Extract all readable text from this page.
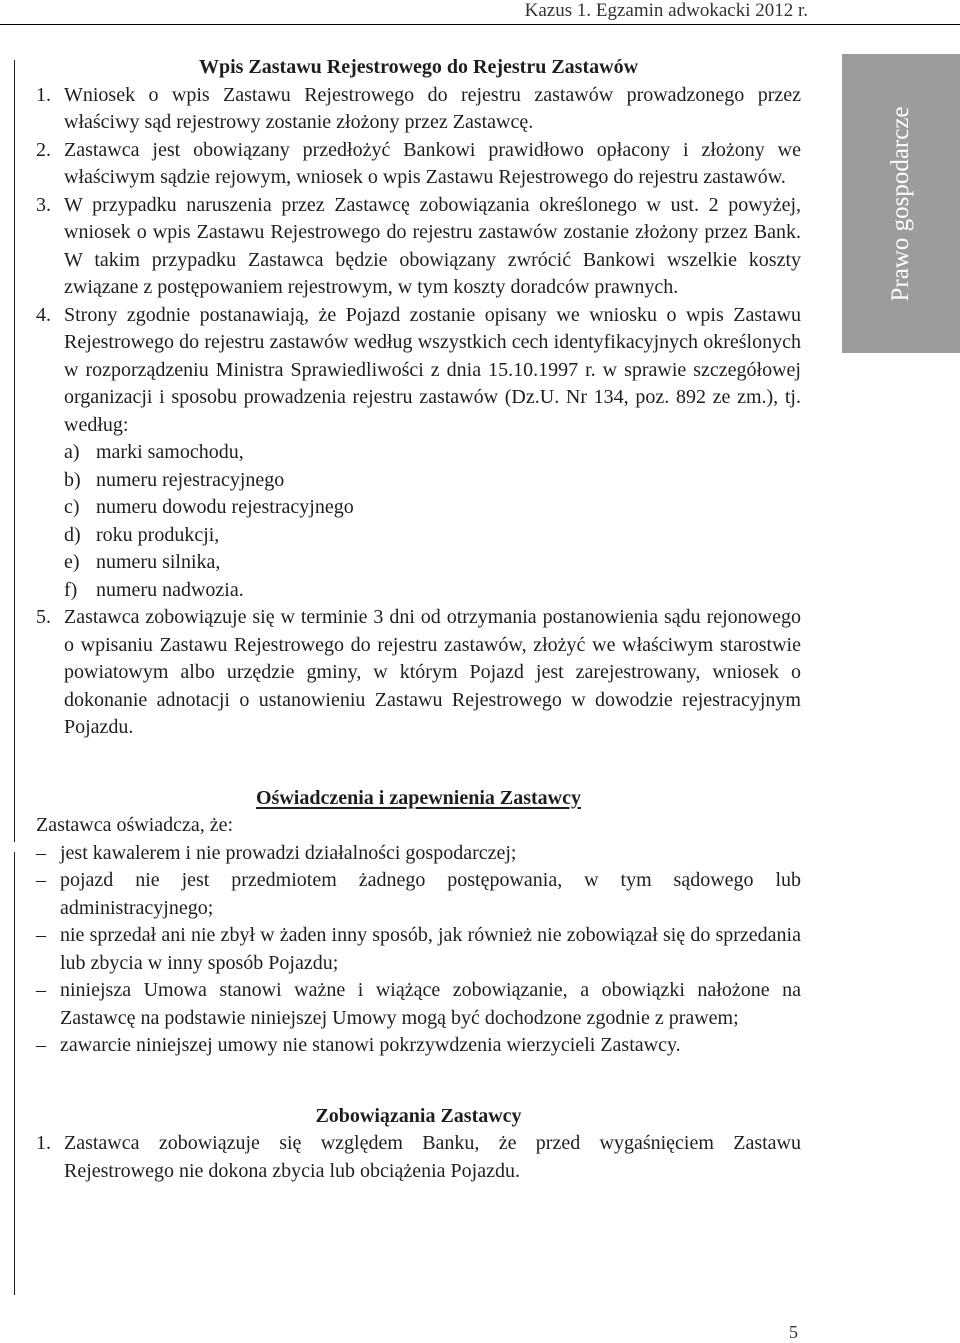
Kazus 1. Egzamin adwokacki 2012 r.
Prawo gospodarcze
Wpis Zastawu Rejestrowego do Rejestru Zastawów
1. Wniosek o wpis Zastawu Rejestrowego do rejestru zastawów prowadzonego przez właściwy sąd rejestrowy zostanie złożony przez Zastawcę.
2. Zastawca jest obowiązany przedłożyć Bankowi prawidłowo opłacony i złożony we właściwym sądzie rejowym, wniosek o wpis Zastawu Rejestrowego do rejestru zastawów.
3. W przypadku naruszenia przez Zastawcę zobowiązania określonego w ust. 2 powyżej, wniosek o wpis Zastawu Rejestrowego do rejestru zastawów zostanie złożony przez Bank. W takim przypadku Zastawca będzie obowiązany zwrócić Bankowi wszelkie koszty związane z postępowaniem rejestrowym, w tym koszty doradców prawnych.
4. Strony zgodnie postanawiają, że Pojazd zostanie opisany we wniosku o wpis Zastawu Rejestrowego do rejestru zastawów według wszystkich cech identyfikacyjnych określonych w rozporządzeniu Ministra Sprawiedliwości z dnia 15.10.1997 r. w sprawie szczegółowej organizacji i sposobu prowadzenia rejestru zastawów (Dz.U. Nr 134, poz. 892 ze zm.), tj. według:
a) marki samochodu,
b) numeru rejestracyjnego
c) numeru dowodu rejestracyjnego
d) roku produkcji,
e) numeru silnika,
f) numeru nadwozia.
5. Zastawca zobowiązuje się w terminie 3 dni od otrzymania postanowienia sądu rejonowego o wpisaniu Zastawu Rejestrowego do rejestru zastawów, złożyć we właściwym starostwie powiatowym albo urzędzie gminy, w którym Pojazd jest zarejestrowany, wniosek o dokonanie adnotacji o ustanowieniu Zastawu Rejestrowego w dowodzie rejestracyjnym Pojazdu.
Oświadczenia i zapewnienia Zastawcy

Zastawca oświadcza, że:

– jest kawalerem i nie prowadzi działalności gospodarczej;
– pojazd nie jest przedmiotem żadnego postępowania, w tym sądowego lub administracyjnego;
– nie sprzedał ani nie zbył w żaden inny sposób, jak również nie zobowiązał się do sprzedania lub zbycia w inny sposób Pojazdu;
– niniejsza Umowa stanowi ważne i wiążące zobowiązanie, a obowiązki nałożone na Zastawcę na podstawie niniejszej Umowy mogą być dochodzone zgodnie z prawem;
– zawarcie niniejszej umowy nie stanowi pokrzywdzenia wierzycieli Zastawcy.
Zobowiązania Zastawcy
1. Zastawca zobowiązuje się względem Banku, że przed wygaśnięciem Zastawu Rejestrowego nie dokona zbycia lub obciążenia Pojazdu.
5
